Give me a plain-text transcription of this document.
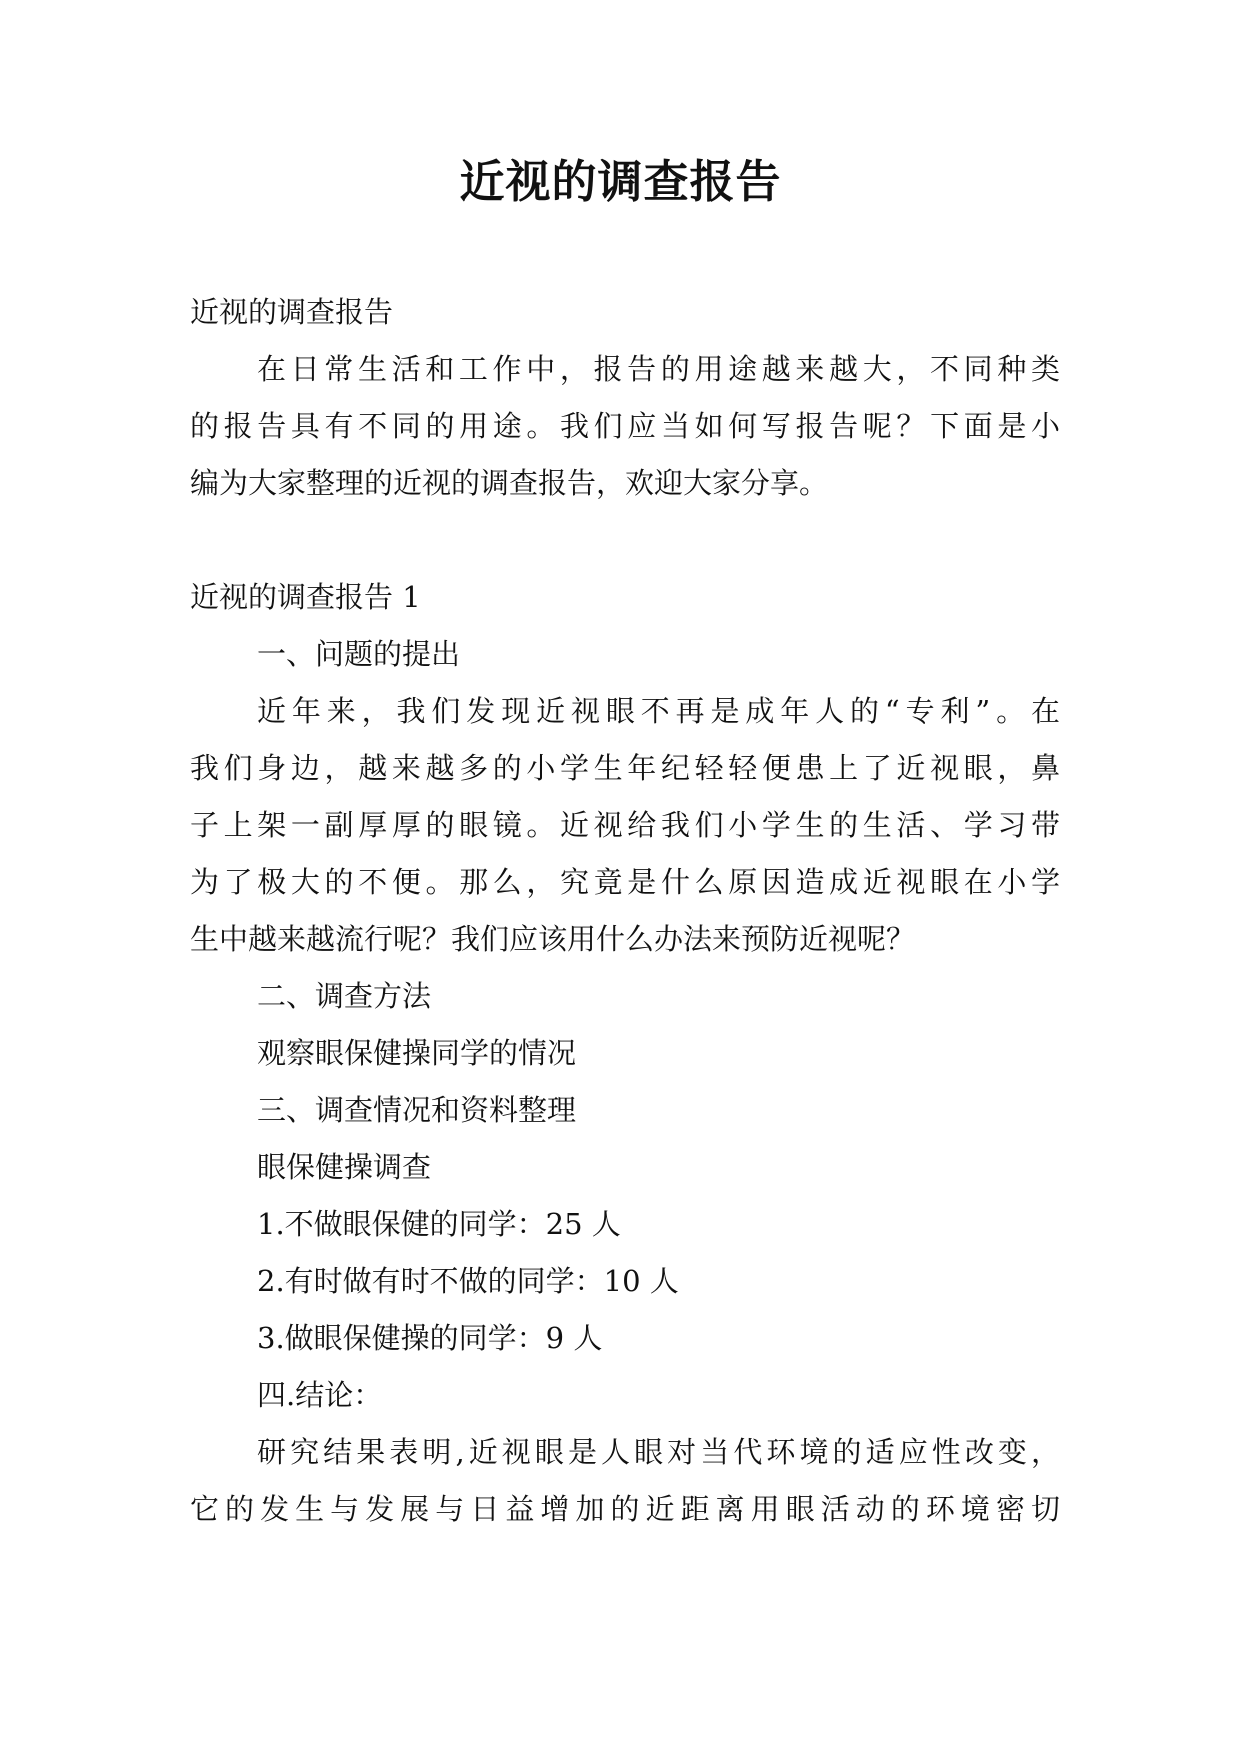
近视的调查报告

近视的调查报告

在日常生活和工作中，报告的用途越来越大，不同种类

的报告具有不同的用途。我们应当如何写报告呢？下面是小

编为大家整理的近视的调查报告，欢迎大家分享。

近视的调查报告 1

一、问题的提出

近年来，我们发现近视眼不再是成年人的“专利”。在

我们身边，越来越多的小学生年纪轻轻便患上了近视眼，鼻

子上架一副厚厚的眼镜。近视给我们小学生的生活、学习带

为了极大的不便。那么，究竟是什么原因造成近视眼在小学

生中越来越流行呢？我们应该用什么办法来预防近视呢？

二、调查方法

观察眼保健操同学的情况

三、调查情况和资料整理

眼保健操调查

1.不做眼保健的同学：25 人

2.有时做有时不做的同学：10 人

3.做眼保健操的同学：9 人

四.结论：

研究结果表明,近视眼是人眼对当代环境的适应性改变，

它的发生与发展与日益增加的近距离用眼活动的环境密切
